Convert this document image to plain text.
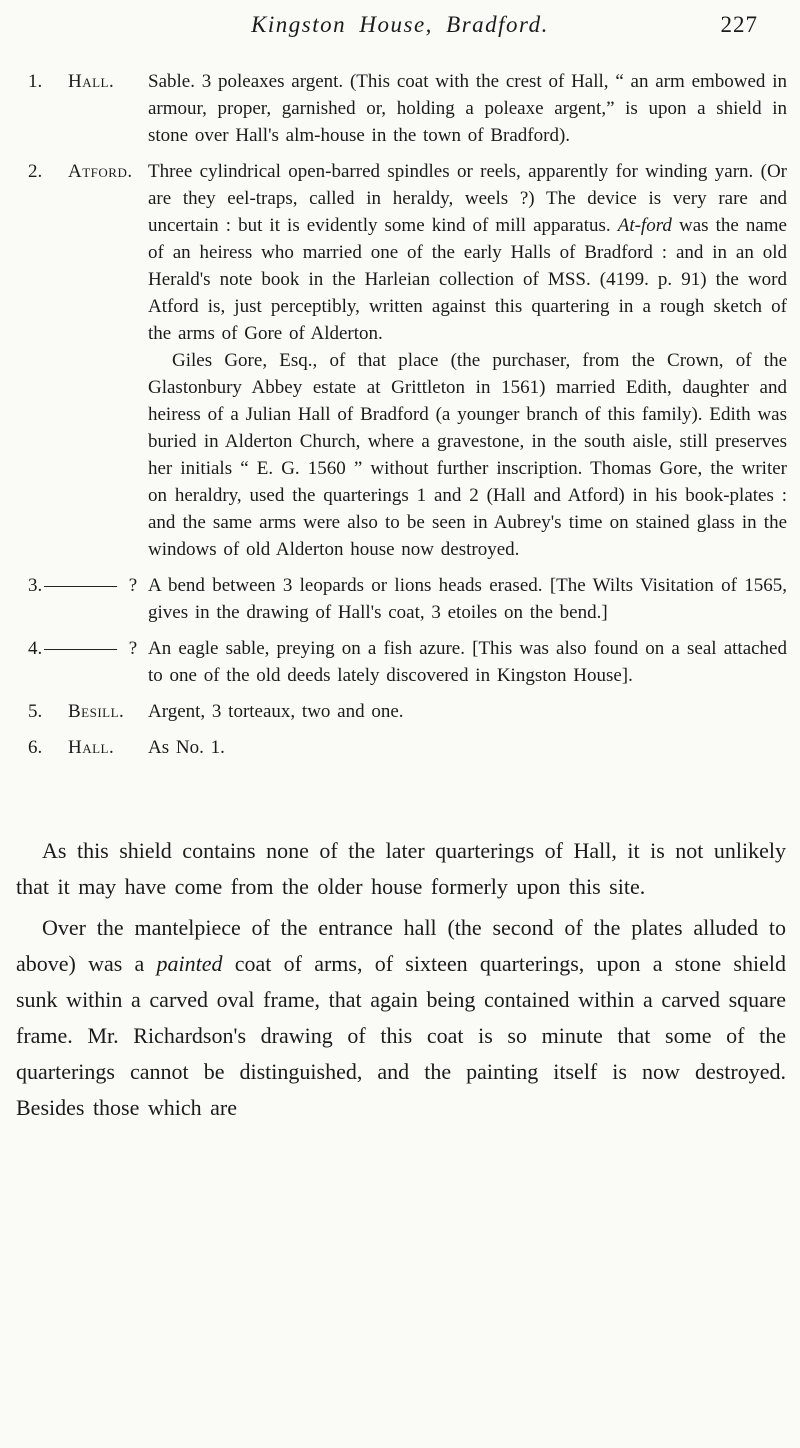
Kingston House, Bradford.	227
1.	Hall.	Sable. 3 poleaxes argent. (This coat with the crest of Hall, “ an arm embowed in armour, proper, garnished or, holding a poleaxe argent,” is upon a shield in stone over Hall's alm-house in the town of Bradford).

2.	Atford. Three cylindrical open-barred spindles or reels, apparently for winding yarn. (Or are they eel-traps, called in heraldy, weels ?) The device is very rare and uncertain : but it is evidently some kind of mill apparatus. At-ford was the name of an heiress who married one of the early Halls of Bradford : and in an old Herald's note book in the Harleian collection of MSS. (4199. p. 91) the word Atford is, just perceptibly, written against this quartering in a rough sketch of the arms of Gore of Alderton.

Giles Gore, Esq., of that place (the purchaser, from the Crown, of the Glastonbury Abbey estate at Grittleton in 1561) married Edith, daughter and heiress of a Julian Hall of Bradford (a younger branch of this family). Edith was buried in Alderton Church, where a gravestone, in the south aisle, still preserves her initials “ E. G. 1560 ” without further inscription. Thomas Gore, the writer on heraldry, used the quarterings 1 and 2 (Hall and Atford) in his book-plates : and the same arms were also to be seen in Aubrey's time on stained glass in the windows of old Alderton house now destroyed.

3. ———— ? A bend between 3 leopards or lions heads erased. [The Wilts Visitation of 1565, gives in the drawing of Hall's coat, 3 etoiles on the bend.]

4. ———— ? An eagle sable, preying on a fish azure. [This was also found on a seal attached to one of the old deeds lately discovered in Kingston House].

5.	Besill.	Argent, 3 torteaux, two and one.

6.	Hall.	As No. 1.

As this shield contains none of the later quarterings of Hall, it is not unlikely that it may have come from the older house formerly upon this site.

Over the mantelpiece of the entrance hall (the second of the plates alluded to above) was a painted coat of arms, of sixteen quarterings, upon a stone shield sunk within a carved oval frame, that again being contained within a carved square frame. Mr. Richardson's drawing of this coat is so minute that some of the quarterings cannot be distinguished, and the painting itself is now destroyed. Besides those which are
